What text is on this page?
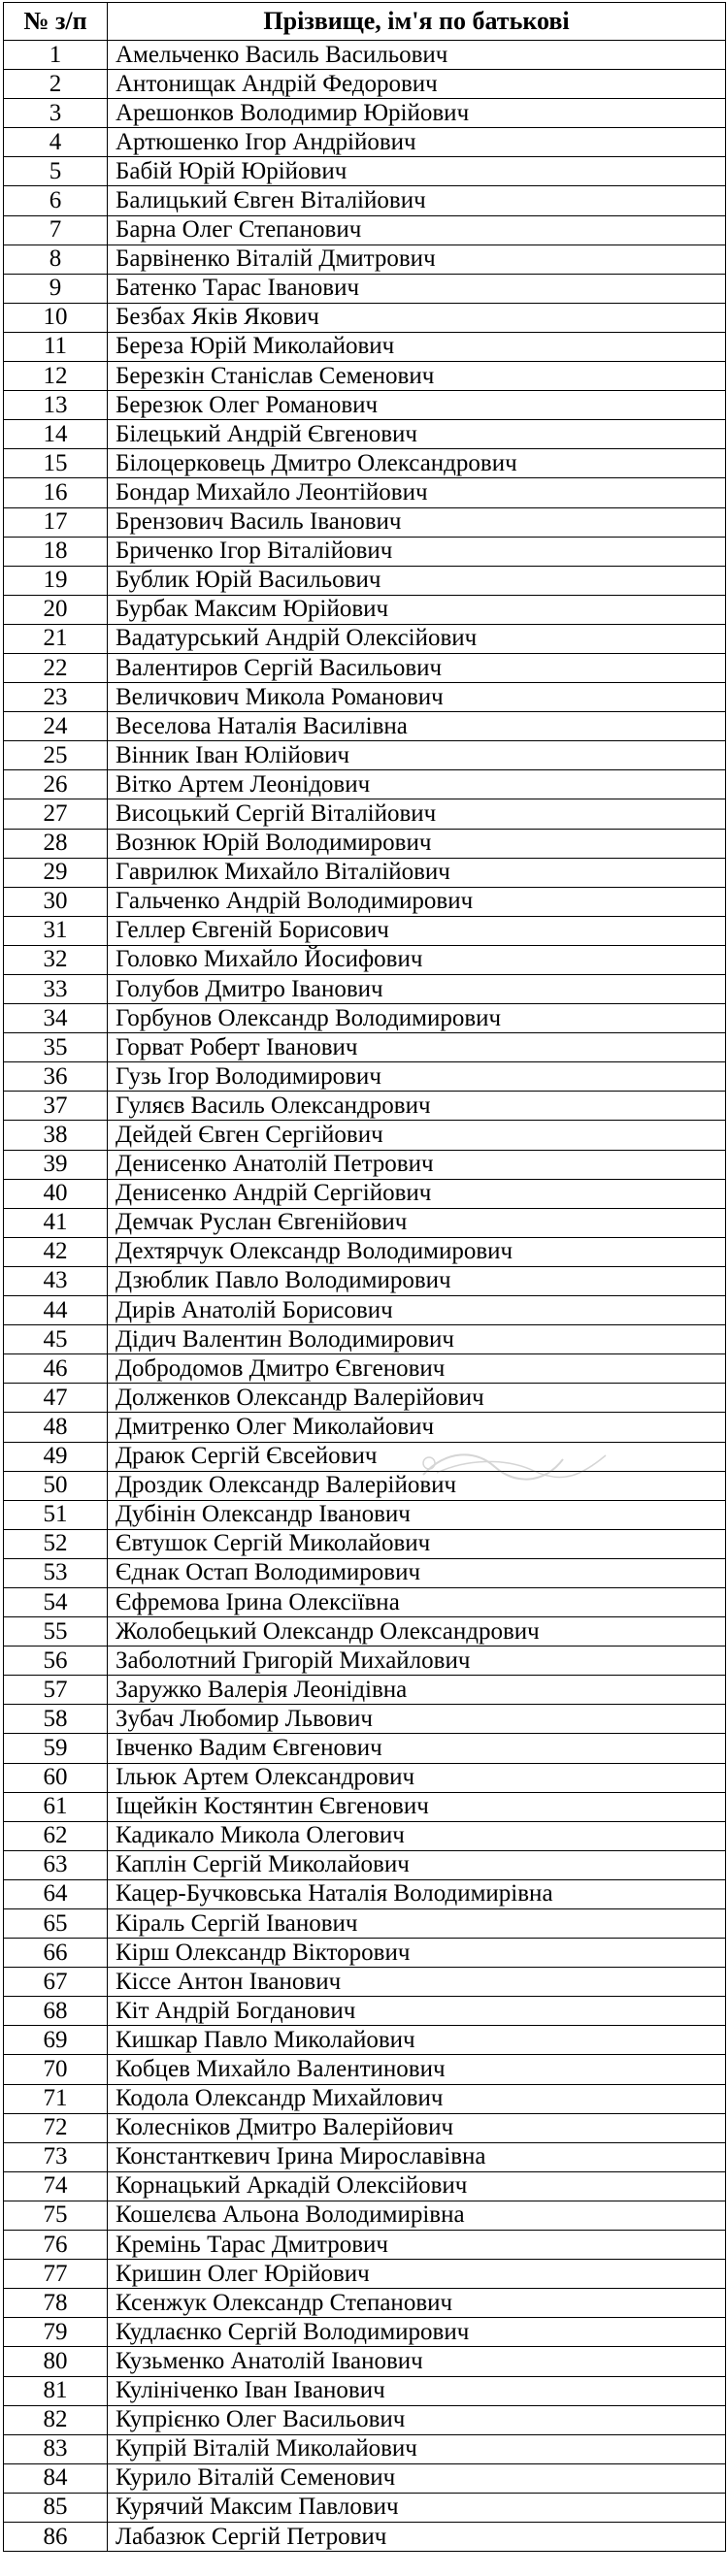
№ з/п	Прізвище, ім'я по батькові
1	Амельченко Василь Васильович
2	Антонищак Андрій Федорович
3	Арешонков Володимир Юрійович
4	Артюшенко Ігор Андрійович
5	Бабій Юрій Юрійович
6	Балицький Євген Віталійович
7	Барна Олег Степанович
8	Барвіненко Віталій Дмитрович
9	Батенко Тарас Іванович
10	Безбах Яків Якович
11	Береза Юрій Миколайович
12	Березкін Станіслав Семенович
13	Березюк Олег Романович
14	Білецький Андрій Євгенович
15	Білоцерковець Дмитро Олександрович
16	Бондар Михайло Леонтійович
17	Брензович Василь Іванович
18	Бриченко Ігор Віталійович
19	Бублик Юрій Васильович
20	Бурбак Максим Юрійович
21	Вадатурський Андрій Олексійович
22	Валентиров Сергій Васильович
23	Величкович Микола Романович
24	Веселова Наталія Василівна
25	Вінник Іван Юлійович
26	Вітко Артем Леонідович
27	Висоцький Сергій Віталійович
28	Вознюк Юрій Володимирович
29	Гаврилюк Михайло Віталійович
30	Гальченко Андрій Володимирович
31	Геллер Євгеній Борисович
32	Головко Михайло Йосифович
33	Голубов Дмитро Іванович
34	Горбунов Олександр Володимирович
35	Горват Роберт Іванович
36	Гузь Ігор Володимирович
37	Гуляєв Василь Олександрович
38	Дейдей Євген Сергійович
39	Денисенко Анатолій Петрович
40	Денисенко Андрій Сергійович
41	Демчак Руслан Євгенійович
42	Дехтярчук Олександр Володимирович
43	Дзюблик Павло Володимирович
44	Дирів Анатолій Борисович
45	Дідич Валентин Володимирович
46	Добродомов Дмитро Євгенович
47	Долженков Олександр Валерійович
48	Дмитренко Олег Миколайович
49	Драюк Сергій Євсейович
50	Дроздик Олександр Валерійович
51	Дубінін Олександр Іванович
52	Євтушок Сергій Миколайович
53	Єднак Остап Володимирович
54	Єфремова Ірина Олексіївна
55	Жолобецький Олександр Олександрович
56	Заболотний Григорій Михайлович
57	Заружко Валерія Леонідівна
58	Зубач Любомир Львович
59	Івченко Вадим Євгенович
60	Ільюк Артем Олександрович
61	Іщейкін Костянтин Євгенович
62	Кадикало Микола Олегович
63	Каплін Сергій Миколайович
64	Кацер-Бучковська Наталія Володимирівна
65	Кіраль Сергій Іванович
66	Кірш Олександр Вікторович
67	Кіссе Антон Іванович
68	Кіт Андрій Богданович
69	Кишкар Павло Миколайович
70	Кобцев Михайло Валентинович
71	Кодола Олександр Михайлович
72	Колесніков Дмитро Валерійович
73	Константкевич Ірина Мирославівна
74	Корнацький Аркадій Олексійович
75	Кошелєва Альона Володимирівна
76	Кремінь Тарас Дмитрович
77	Кришин Олег Юрійович
78	Ксенжук Олександр Степанович
79	Кудлаєнко Сергій Володимирович
80	Кузьменко Анатолій Іванович
81	Кулініченко Іван Іванович
82	Купрієнко Олег Васильович
83	Купрій Віталій Миколайович
84	Курило Віталій Семенович
85	Курячий Максим Павлович
86	Лабазюк Сергій Петрович
